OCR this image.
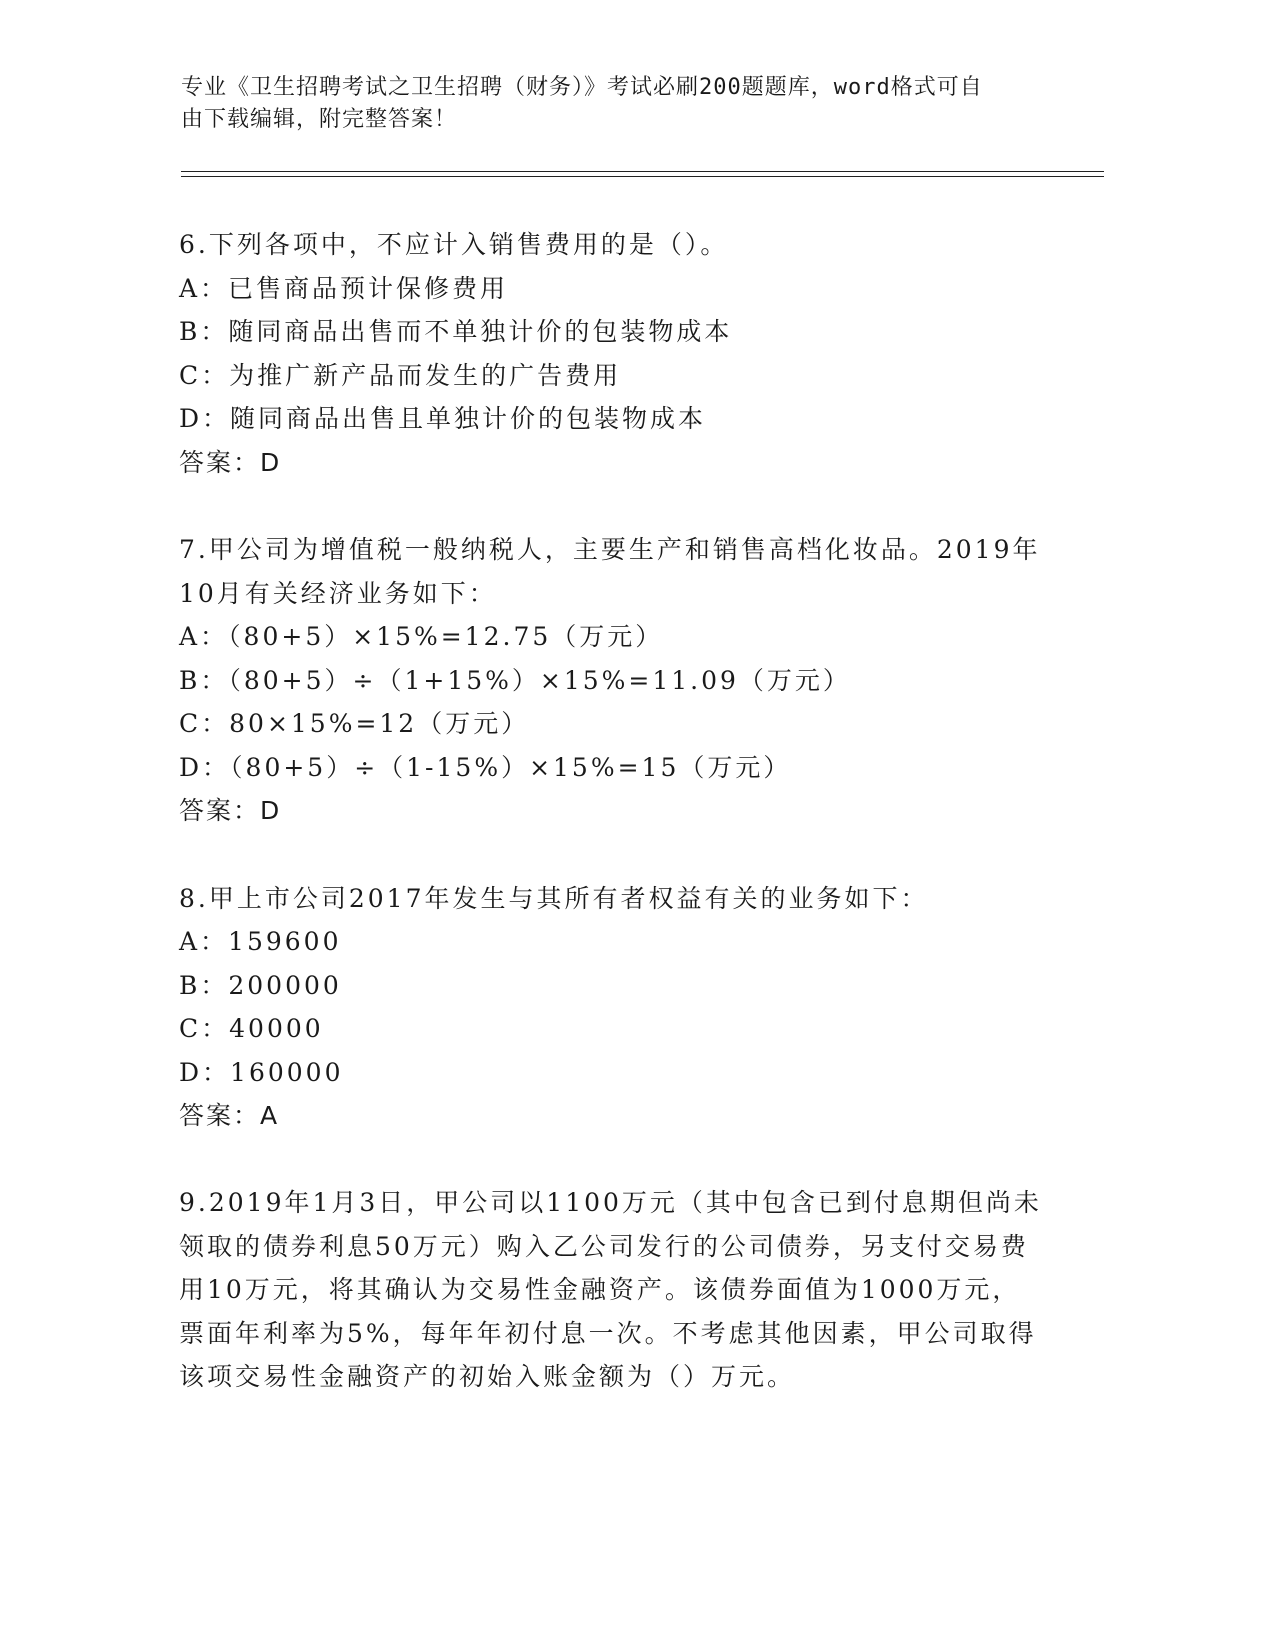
专业《卫生招聘考试之卫生招聘（财务）》考试必刷200题题库，word格式可自
由下载编辑，附完整答案！
6.下列各项中，不应计入销售费用的是（）。
A：已售商品预计保修费用
B：随同商品出售而不单独计价的包装物成本
C：为推广新产品而发生的广告费用
D：随同商品出售且单独计价的包装物成本
答案：D
7.甲公司为增值税一般纳税人，主要生产和销售高档化妆品。2019年
10月有关经济业务如下：
A：（80+5）×15%=12.75（万元）
B：（80+5）÷（1+15%）×15%=11.09（万元）
C：80×15%=12（万元）
D：（80+5）÷（1-15%）×15%=15（万元）
答案：D
8.甲上市公司2017年发生与其所有者权益有关的业务如下：
A：159600
B：200000
C：40000
D：160000
答案：A
9.2019年1月3日，甲公司以1100万元（其中包含已到付息期但尚未
领取的债券利息50万元）购入乙公司发行的公司债券，另支付交易费
用10万元，将其确认为交易性金融资产。该债券面值为1000万元，
票面年利率为5%，每年年初付息一次。不考虑其他因素，甲公司取得
该项交易性金融资产的初始入账金额为（）万元。
